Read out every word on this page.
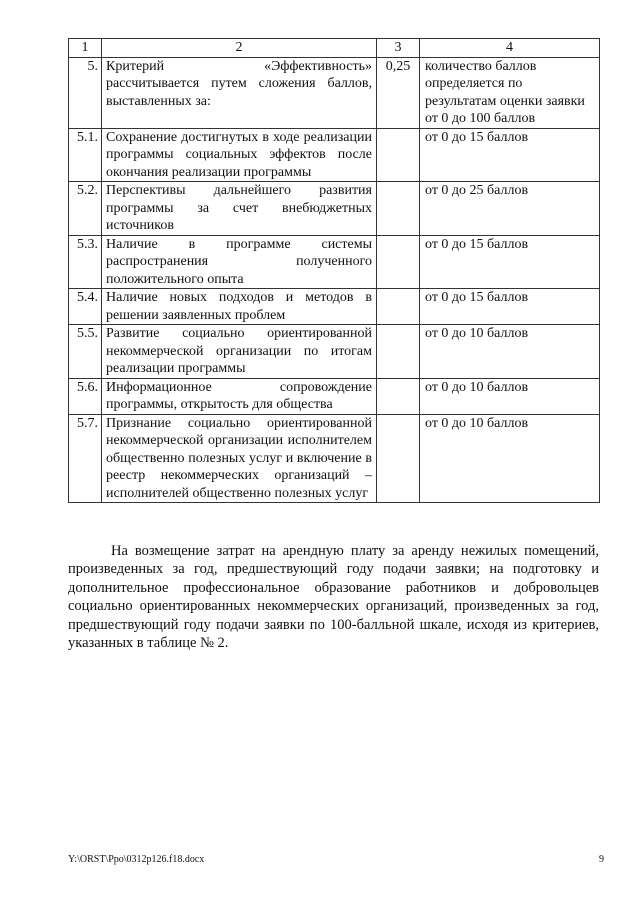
1	2	3	4
5.	Критерий «Эффективность» рассчитывается путем сложения баллов, выставленных за:	0,25	количество баллов определяется по результатам оценки заявки от 0 до 100 баллов
5.1.	Сохранение достигнутых в ходе реализации программы социальных эффектов после окончания реализации программы		от 0 до 15 баллов
5.2.	Перспективы дальнейшего развития программы за счет внебюджетных источников		от 0 до 25 баллов
5.3.	Наличие в программе системы распространения полученного положительного опыта		от 0 до 15 баллов
5.4.	Наличие новых подходов и методов в решении заявленных проблем		от 0 до 15 баллов
5.5.	Развитие социально ориентированной некоммерческой организации по итогам реализации программы		от 0 до 10 баллов
5.6.	Информационное сопровождение программы, открытость для общества		от 0 до 10 баллов
5.7.	Признание социально ориентированной некоммерческой организации исполнителем общественно полезных услуг и включение в реестр некоммерческих организаций – исполнителей общественно полезных услуг		от 0 до 10 баллов

На возмещение затрат на арендную плату за аренду нежилых помещений, произведенных за год, предшествующий году подачи заявки; на подготовку и дополнительное профессиональное образование работников и добровольцев социально ориентированных некоммерческих организаций, произведенных за год, предшествующий году подачи заявки по 100-балльной шкале, исходя из критериев, указанных в таблице № 2.

Y:\ORST\Ppo\0312p126.f18.docx	9
